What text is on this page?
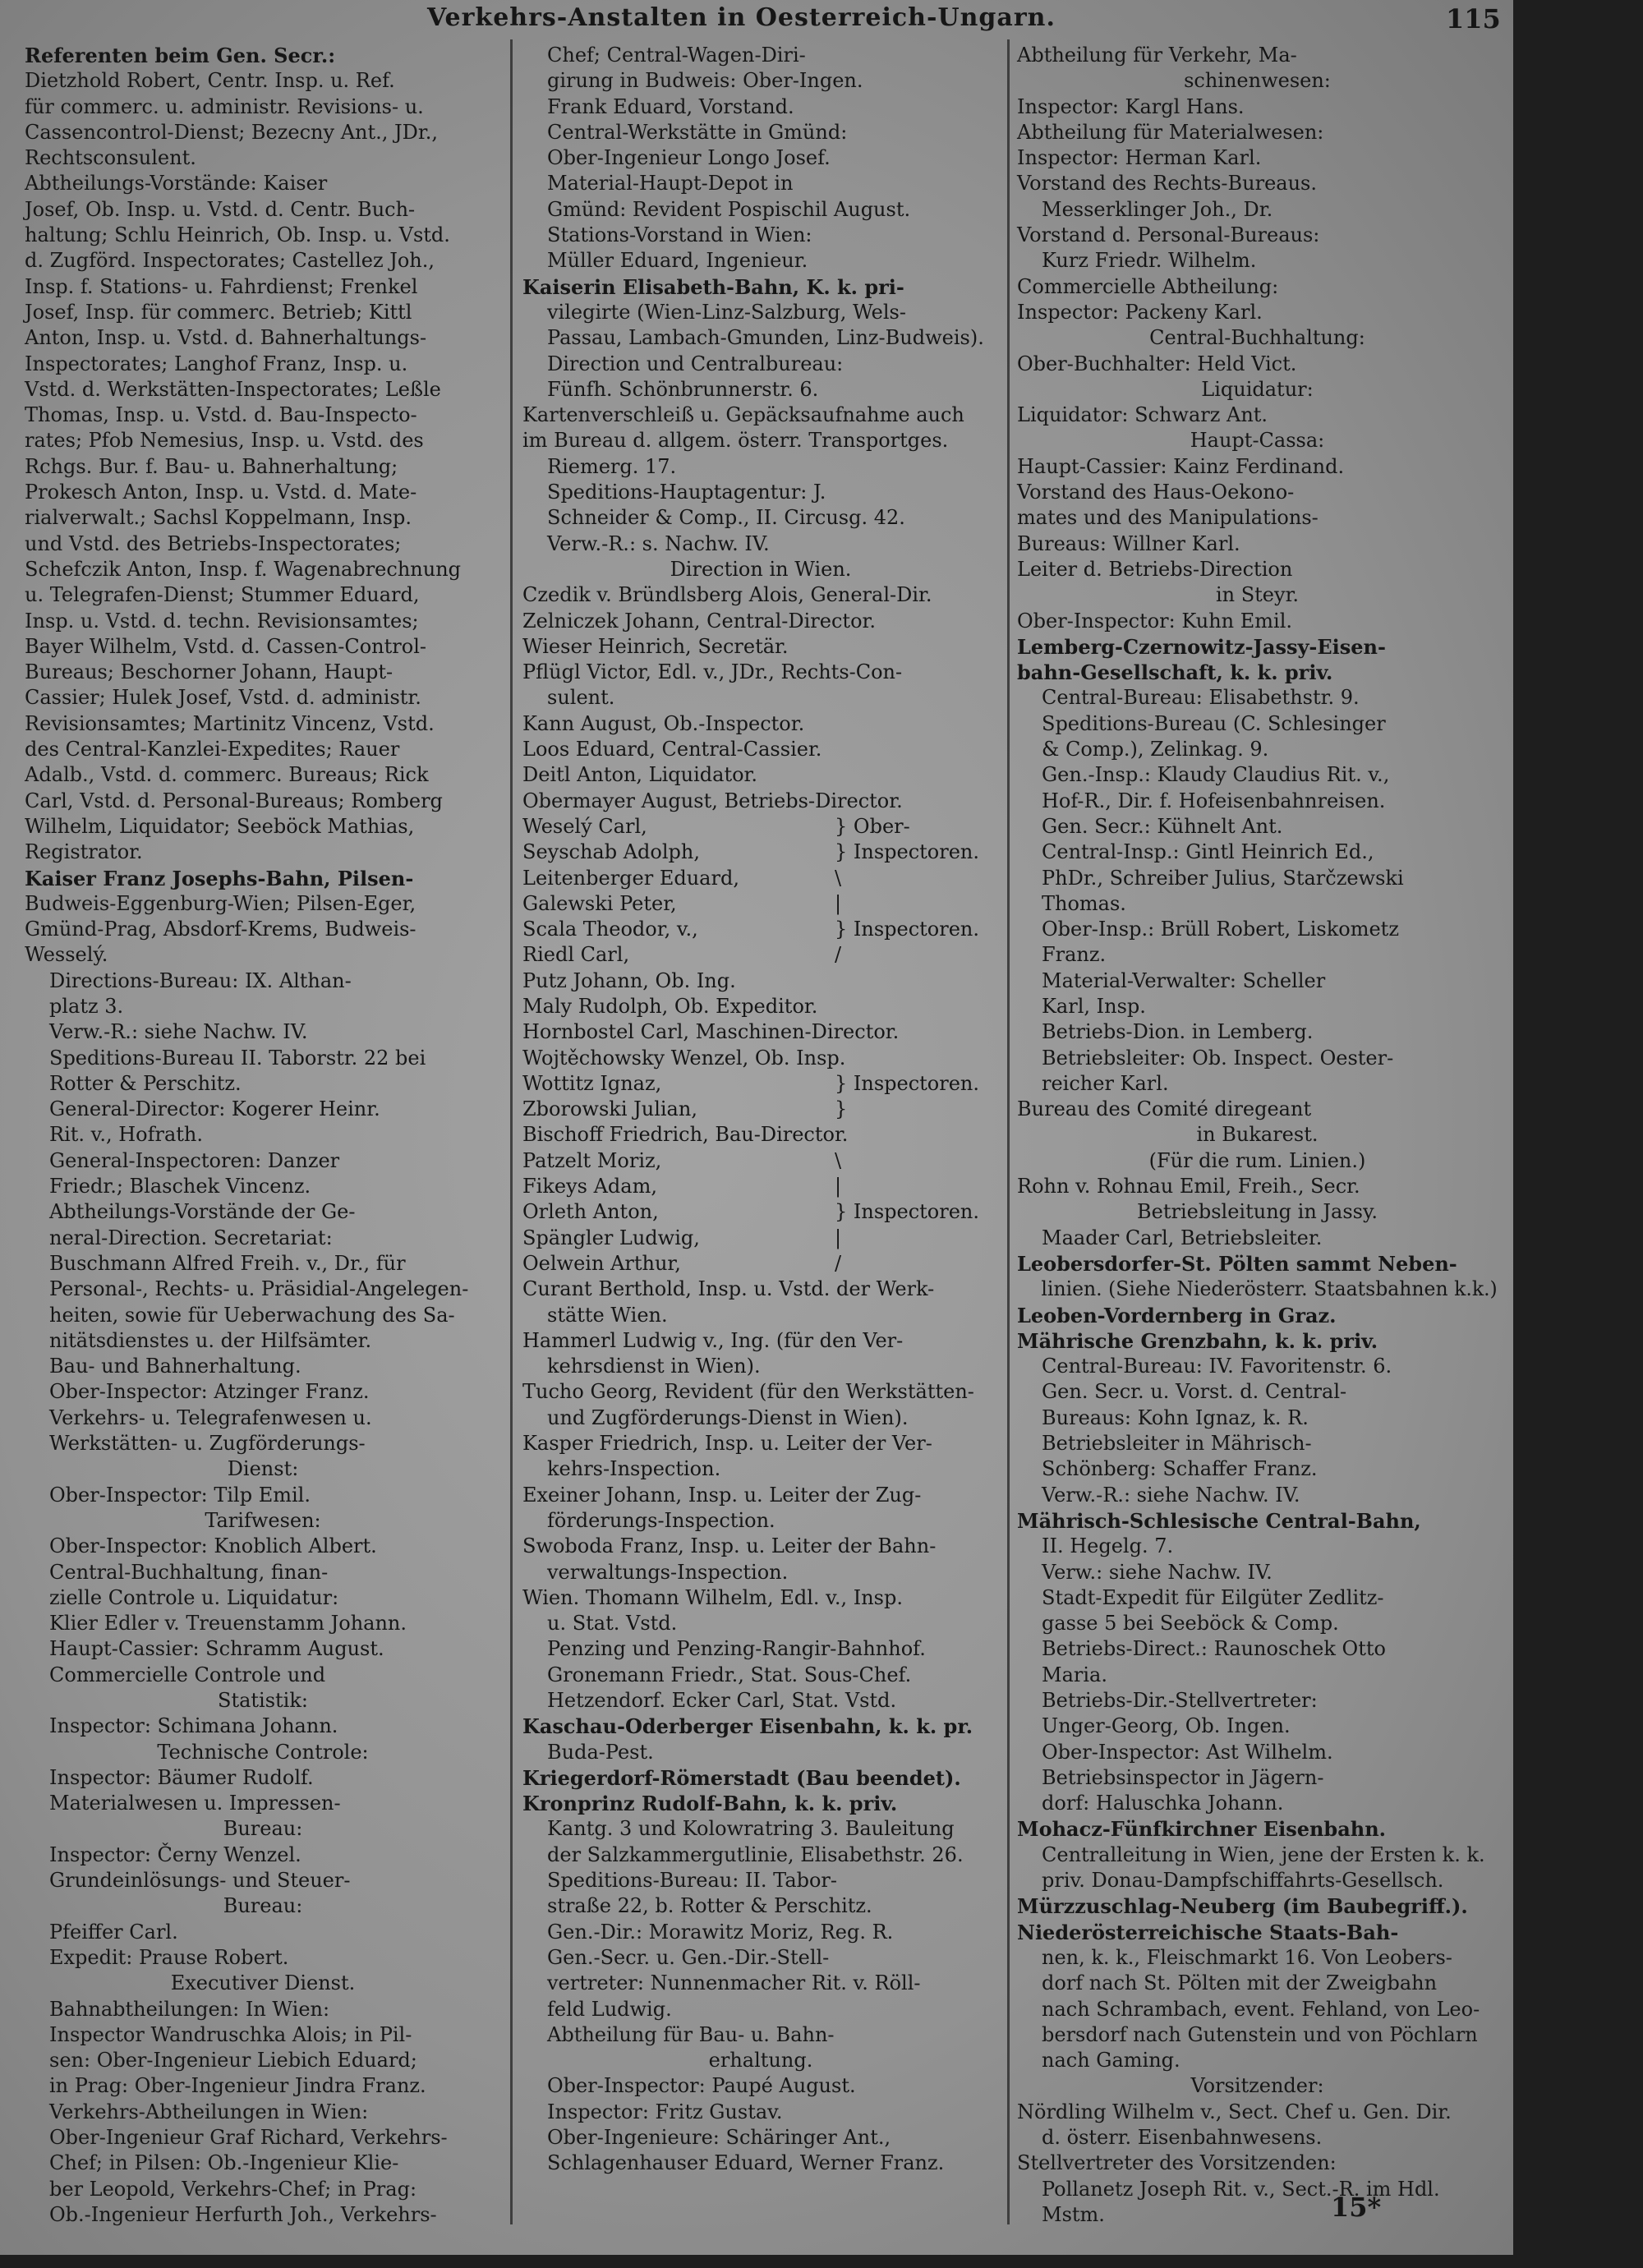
Verkehrs-Anstalten in Oesterreich-Ungarn.	115
Referenten beim Gen. Secr.:
Dietzhold Robert, Centr. Insp. u. Ref.
für commerc. u. administr. Revisions- u.
Cassencontrol-Dienst; Bezecny Ant., JDr.,
Rechtsconsulent.
Abtheilungs-Vorstände: Kaiser
Josef, Ob. Insp. u. Vstd. d. Centr. Buch-
haltung; Schlu Heinrich, Ob. Insp. u. Vstd.
d. Zugförd. Inspectorates; Castellez Joh.,
Insp. f. Stations- u. Fahrdienst; Frenkel
Josef, Insp. für commerc. Betrieb; Kittl
Anton, Insp. u. Vstd. d. Bahnerhaltungs-
Inspectorates; Langhof Franz, Insp. u.
Vstd. d. Werkstätten-Inspectorates; Leßle
Thomas, Insp. u. Vstd. d. Bau-Inspecto-
rates; Pfob Nemesius, Insp. u. Vstd. des
Rchgs. Bur. f. Bau- u. Bahnerhaltung;
Prokesch Anton, Insp. u. Vstd. d. Mate-
rialverwalt.; Sachsl Koppelmann, Insp.
und Vstd. des Betriebs-Inspectorates;
Schefczik Anton, Insp. f. Wagenabrechnung
u. Telegrafen-Dienst; Stummer Eduard,
Insp. u. Vstd. d. techn. Revisionsamtes;
Bayer Wilhelm, Vstd. d. Cassen-Control-
Bureaus; Beschorner Johann, Haupt-
Cassier; Hulek Josef, Vstd. d. administr.
Revisionsamtes; Martinitz Vincenz, Vstd.
des Central-Kanzlei-Expedites; Rauer
Adalb., Vstd. d. commerc. Bureaus; Rick
Carl, Vstd. d. Personal-Bureaus; Romberg
Wilhelm, Liquidator; Seeböck Mathias,
Registrator.
Kaiser Franz Josephs-Bahn, Pilsen-
Budweis-Eggenburg-Wien; Pilsen-Eger,
Gmünd-Prag, Absdorf-Krems, Budweis-
Wesselý.
Directions-Bureau: IX. Althan-
platz 3.
Verw.-R.: siehe Nachw. IV.
Speditions-Bureau II. Taborstr. 22 bei
Rotter & Perschitz.
General-Director: Kogerer Heinr.
Rit. v., Hofrath.
General-Inspectoren: Danzer
Friedr.; Blaschek Vincenz.
Abtheilungs-Vorstände der Ge-
neral-Direction. Secretariat:
Buschmann Alfred Freih. v., Dr., für
Personal-, Rechts- u. Präsidial-Angelegen-
heiten, sowie für Ueberwachung des Sa-
nitätsdienstes u. der Hilfsämter.
Bau- und Bahnerhaltung.
Ober-Inspector: Atzinger Franz.
Verkehrs- u. Telegrafenwesen u.
Werkstätten- u. Zugförderungs-
Dienst:
Ober-Inspector: Tilp Emil.
Tarifwesen:
Ober-Inspector: Knoblich Albert.
Central-Buchhaltung, finan-
zielle Controle u. Liquidatur:
Klier Edler v. Treuenstamm Johann.
Haupt-Cassier: Schramm August.
Commercielle Controle und
Statistik:
Inspector: Schimana Johann.
Technische Controle:
Inspector: Bäumer Rudolf.
Materialwesen u. Impressen-
Bureau:
Inspector: Černy Wenzel.
Grundeinlösungs- und Steuer-
Bureau:
Pfeiffer Carl.
Expedit: Prause Robert.
Executiver Dienst.
Bahnabtheilungen: In Wien:
Inspector Wandruschka Alois; in Pil-
sen: Ober-Ingenieur Liebich Eduard;
in Prag: Ober-Ingenieur Jindra Franz.
Verkehrs-Abtheilungen in Wien:
Ober-Ingenieur Graf Richard, Verkehrs-
Chef; in Pilsen: Ob.-Ingenieur Klie-
ber Leopold, Verkehrs-Chef; in Prag:
Ob.-Ingenieur Herfurth Joh., Verkehrs-
Chef; Central-Wagen-Diri-
girung in Budweis: Ober-Ingen.
Frank Eduard, Vorstand.
Central-Werkstätte in Gmünd:
Ober-Ingenieur Longo Josef.
Material-Haupt-Depot in
Gmünd: Revident Pospischil August.
Stations-Vorstand in Wien:
Müller Eduard, Ingenieur.
Kaiserin Elisabeth-Bahn, K. k. pri-
vilegirte (Wien-Linz-Salzburg, Wels-
Passau, Lambach-Gmunden, Linz-Budweis).
Direction und Centralbureau:
Fünfh. Schönbrunnerstr. 6.
Kartenverschleiß u. Gepäcksaufnahme auch
im Bureau d. allgem. österr. Transportges.
Riemerg. 17.
Speditions-Hauptagentur: J.
Schneider & Comp., II. Circusg. 42.
Verw.-R.: s. Nachw. IV.
Direction in Wien.
Czedik v. Bründlsberg Alois, General-Dir.
Zelniczek Johann, Central-Director.
Wieser Heinrich, Secretär.
Pflügl Victor, Edl. v., JDr., Rechts-Con-
sulent.
Kann August, Ob.-Inspector.
Loos Eduard, Central-Cassier.
Deitl Anton, Liquidator.
Obermayer August, Betriebs-Director.
Weselý Carl,	} Ober-
Seyschab Adolph,	} Inspectoren.
Leitenberger Eduard,	\
Galewski Peter,	|
Scala Theodor, v.,	} Inspectoren.
Riedl Carl,	/
Putz Johann, Ob. Ing.
Maly Rudolph, Ob. Expeditor.
Hornbostel Carl, Maschinen-Director.
Wojtěchowsky Wenzel, Ob. Insp.
Wottitz Ignaz,	} Inspectoren.
Zborowski Julian,	}
Bischoff Friedrich, Bau-Director.
Patzelt Moriz,	\
Fikeys Adam,	|
Orleth Anton,	} Inspectoren.
Spängler Ludwig,	|
Oelwein Arthur,	/
Curant Berthold, Insp. u. Vstd. der Werk-
stätte Wien.
Hammerl Ludwig v., Ing. (für den Ver-
kehrsdienst in Wien).
Tucho Georg, Revident (für den Werkstätten-
und Zugförderungs-Dienst in Wien).
Kasper Friedrich, Insp. u. Leiter der Ver-
kehrs-Inspection.
Exeiner Johann, Insp. u. Leiter der Zug-
förderungs-Inspection.
Swoboda Franz, Insp. u. Leiter der Bahn-
verwaltungs-Inspection.
Wien. Thomann Wilhelm, Edl. v., Insp.
u. Stat. Vstd.
Penzing und Penzing-Rangir-Bahnhof.
Gronemann Friedr., Stat. Sous-Chef.
Hetzendorf. Ecker Carl, Stat. Vstd.
Kaschau-Oderberger Eisenbahn, k. k. pr.
Buda-Pest.
Kriegerdorf-Römerstadt (Bau beendet).
Kronprinz Rudolf-Bahn, k. k. priv.
Kantg. 3 und Kolowratring 3. Bauleitung
der Salzkammergutlinie, Elisabethstr. 26.
Speditions-Bureau: II. Tabor-
straße 22, b. Rotter & Perschitz.
Gen.-Dir.: Morawitz Moriz, Reg. R.
Gen.-Secr. u. Gen.-Dir.-Stell-
vertreter: Nunnenmacher Rit. v. Röll-
feld Ludwig.
Abtheilung für Bau- u. Bahn-
erhaltung.
Ober-Inspector: Paupé August.
Inspector: Fritz Gustav.
Ober-Ingenieure: Schäringer Ant.,
Schlagenhauser Eduard, Werner Franz.
Abtheilung für Verkehr, Ma-
schinenwesen:
Inspector: Kargl Hans.
Abtheilung für Materialwesen:
Inspector: Herman Karl.
Vorstand des Rechts-Bureaus.
Messerklinger Joh., Dr.
Vorstand d. Personal-Bureaus:
Kurz Friedr. Wilhelm.
Commercielle Abtheilung:
Inspector: Packeny Karl.
Central-Buchhaltung:
Ober-Buchhalter: Held Vict.
Liquidatur:
Liquidator: Schwarz Ant.
Haupt-Cassa:
Haupt-Cassier: Kainz Ferdinand.
Vorstand des Haus-Oekono-
mates und des Manipulations-
Bureaus: Willner Karl.
Leiter d. Betriebs-Direction
in Steyr.
Ober-Inspector: Kuhn Emil.
Lemberg-Czernowitz-Jassy-Eisen-
bahn-Gesellschaft, k. k. priv.
Central-Bureau: Elisabethstr. 9.
Speditions-Bureau (C. Schlesinger
& Comp.), Zelinkag. 9.
Gen.-Insp.: Klaudy Claudius Rit. v.,
Hof-R., Dir. f. Hofeisenbahnreisen.
Gen. Secr.: Kühnelt Ant.
Central-Insp.: Gintl Heinrich Ed.,
PhDr., Schreiber Julius, Starčzewski
Thomas.
Ober-Insp.: Brüll Robert, Liskometz
Franz.
Material-Verwalter: Scheller
Karl, Insp.
Betriebs-Dion. in Lemberg.
Betriebsleiter: Ob. Inspect. Oester-
reicher Karl.
Bureau des Comité diregeant
in Bukarest.
(Für die rum. Linien.)
Rohn v. Rohnau Emil, Freih., Secr.
Betriebsleitung in Jassy.
Maader Carl, Betriebsleiter.
Leobersdorfer-St. Pölten sammt Neben-
linien. (Siehe Niederösterr. Staatsbahnen k.k.)
Leoben-Vordernberg in Graz.
Mährische Grenzbahn, k. k. priv.
Central-Bureau: IV. Favoritenstr. 6.
Gen. Secr. u. Vorst. d. Central-
Bureaus: Kohn Ignaz, k. R.
Betriebsleiter in Mährisch-
Schönberg: Schaffer Franz.
Verw.-R.: siehe Nachw. IV.
Mährisch-Schlesische Central-Bahn,
II. Hegelg. 7.
Verw.: siehe Nachw. IV.
Stadt-Expedit für Eilgüter Zedlitz-
gasse 5 bei Seeböck & Comp.
Betriebs-Direct.: Raunoschek Otto
Maria.
Betriebs-Dir.-Stellvertreter:
Unger-Georg, Ob. Ingen.
Ober-Inspector: Ast Wilhelm.
Betriebsinspector in Jägern-
dorf: Haluschka Johann.
Mohacz-Fünfkirchner Eisenbahn.
Centralleitung in Wien, jene der Ersten k. k.
priv. Donau-Dampfschiffahrts-Gesellsch.
Mürzzuschlag-Neuberg (im Baubegriff.).
Niederösterreichische Staats-Bah-
nen, k. k., Fleischmarkt 16. Von Leobers-
dorf nach St. Pölten mit der Zweigbahn
nach Schrambach, event. Fehland, von Leo-
bersdorf nach Gutenstein und von Pöchlarn
nach Gaming.
Vorsitzender:
Nördling Wilhelm v., Sect. Chef u. Gen. Dir.
d. österr. Eisenbahnwesens.
Stellvertreter des Vorsitzenden:
Pollanetz Joseph Rit. v., Sect.-R. im Hdl.
Mstm.	15*
